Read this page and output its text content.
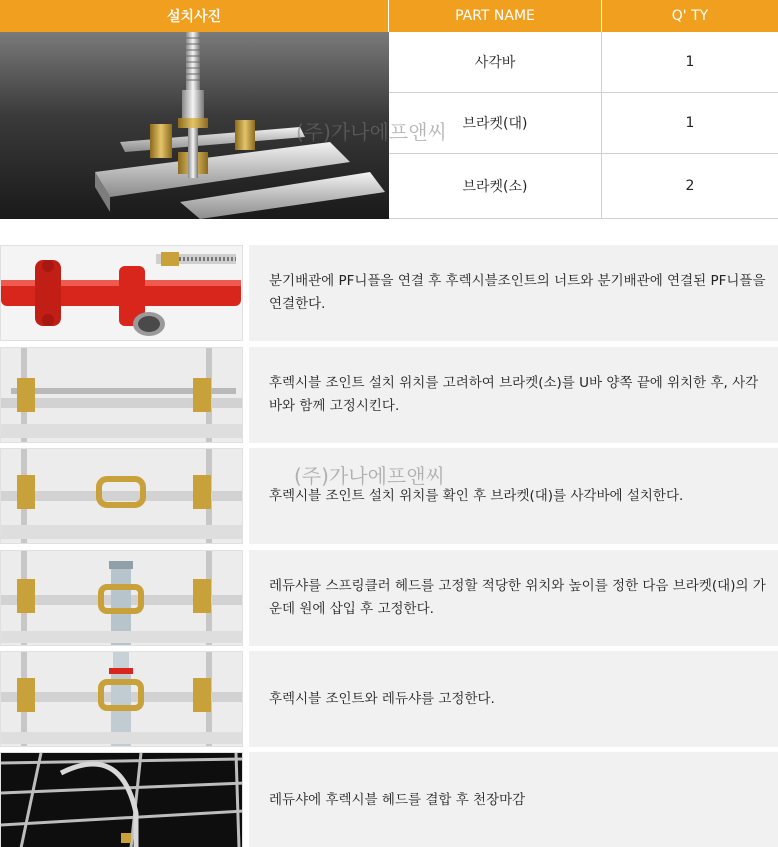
설치사진	PART NAME	Q' TY
사각바	1
브라켓(대)	1
브라켓(소)	2
(주)가나에프앤씨
분기배관에 PF니플을 연결 후 후렉시블조인트의 너트와 분기배관에 연결된 PF니플을 연결한다.
후렉시블 조인트 설치 위치를 고려하여 브라켓(소)를 U바 양쪽 끝에 위치한 후, 사각바와 함께 고정시킨다.
후렉시블 조인트 설치 위치를 확인 후 브라켓(대)를 사각바에 설치한다.
(주)가나에프앤씨
레듀샤를 스프링클러 헤드를 고정할 적당한 위치와 높이를 정한 다음 브라켓(대)의 가운데 원에 삽입 후 고정한다.
후렉시블 조인트와 레듀샤를 고정한다.
레듀샤에 후렉시블 헤드를 결합 후 천장마감
